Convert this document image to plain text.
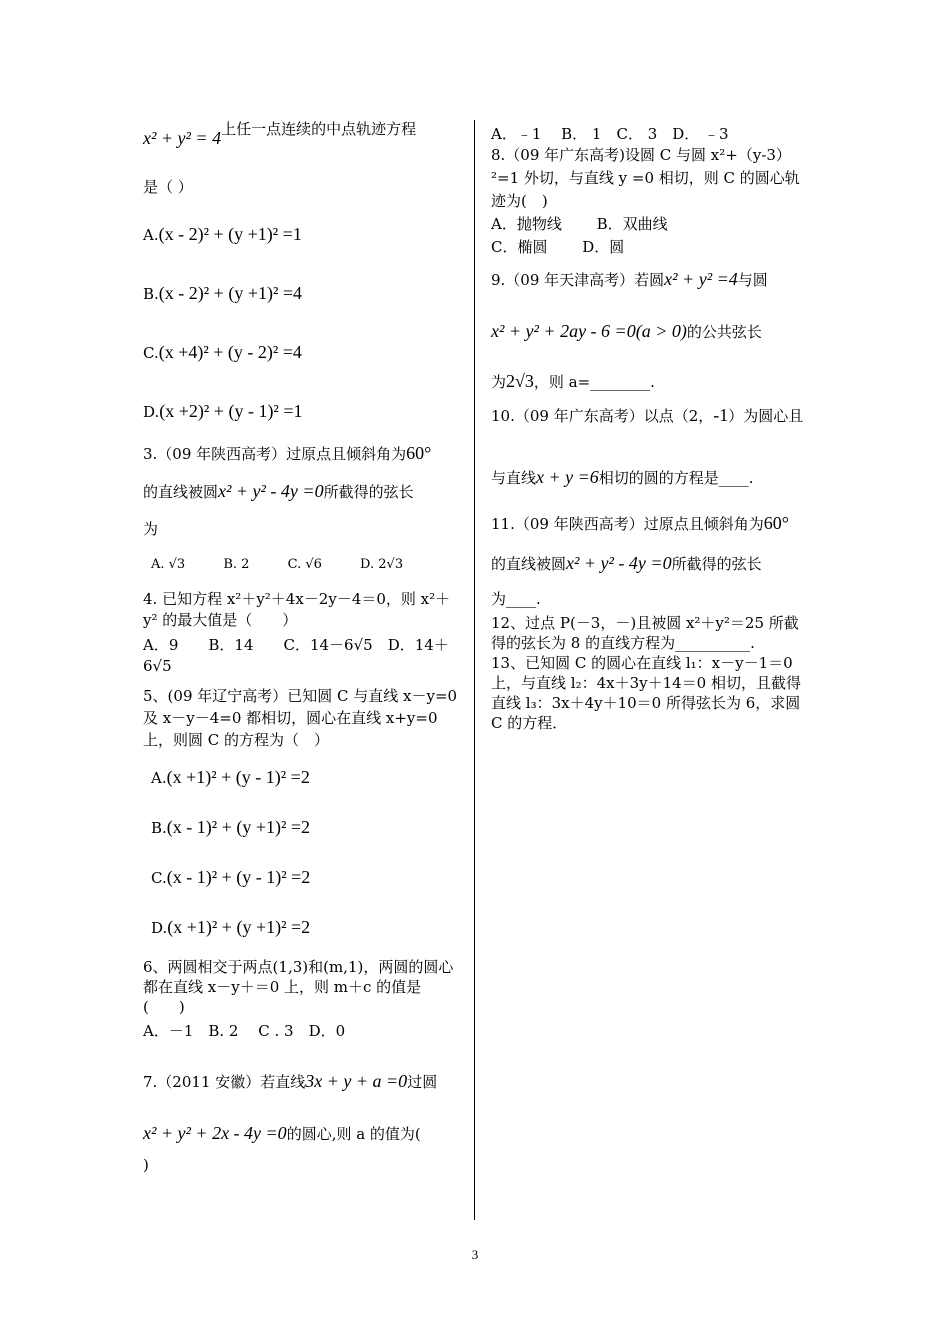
x² + y² = 4上任一点连续的中点轨迹方程
是（ ）
A.(x - 2)² + (y +1)² =1
B.(x - 2)² + (y +1)² =4
C.(x +4)² + (y - 2)² =4
D.(x +2)² + (y - 1)² =1
3.（09 年陕西高考）过原点且倾斜角为60°
的直线被圆x² + y² - 4y =0所截得的弦长
为
A. √3	B. 2	C. √6	D. 2√3
4. 已知方程 x²＋y²＋4x－2y－4＝0，则 x²＋y² 的最大值是（　　）
A．9　　B．14　　C．14－6√5　D．14＋6√5
5、(09 年辽宁高考）已知圆 C 与直线 x－y=0 及 x－y－4=0 都相切，圆心在直线 x+y=0 上，则圆 C 的方程为（　）
A.(x +1)² + (y - 1)² =2
B.(x - 1)² + (y +1)² =2
C.(x - 1)² + (y - 1)² =2
D.(x +1)² + (y +1)² =2
6、两圆相交于两点(1,3)和(m,1)，两圆的圆心都在直线 x－y＋＝0 上，则 m＋c 的值是(　　)
A．－1　B. 2　 C . 3　D．0
7.（2011 安徽）若直线3x + y + a =0过圆
x² + y² + 2x - 4y =0的圆心,则 a 的值为(
)
A．﹣1　 B． 1　C． 3　D． ﹣3
8.（09 年广东高考)设圆 C 与圆 x²+（y-3）²=1 外切，与直线 y =0 相切，则 C 的圆心轨迹为(　)
A．抛物线　　 B．双曲线
C．椭圆　　 D．圆
9.（09 年天津高考）若圆x² + y² =4与圆
x² + y² + 2ay - 6 =0(a > 0)的公共弦长
为2√3，则 a=________.
10.（09 年广东高考）以点（2，-1）为圆心且
与直线x + y =6相切的圆的方程是____.
11.（09 年陕西高考）过原点且倾斜角为60°
的直线被圆x² + y² - 4y =0所截得的弦长
为____.
12、过点 P(－3，－)且被圆 x²＋y²＝25 所截得的弦长为 8 的直线方程为__________.
13、已知圆 C 的圆心在直线 l₁：x－y－1＝0 上，与直线 l₂：4x＋3y＋14＝0 相切，且截得直线 l₃：3x＋4y＋10＝0 所得弦长为 6，求圆 C 的方程．
3
